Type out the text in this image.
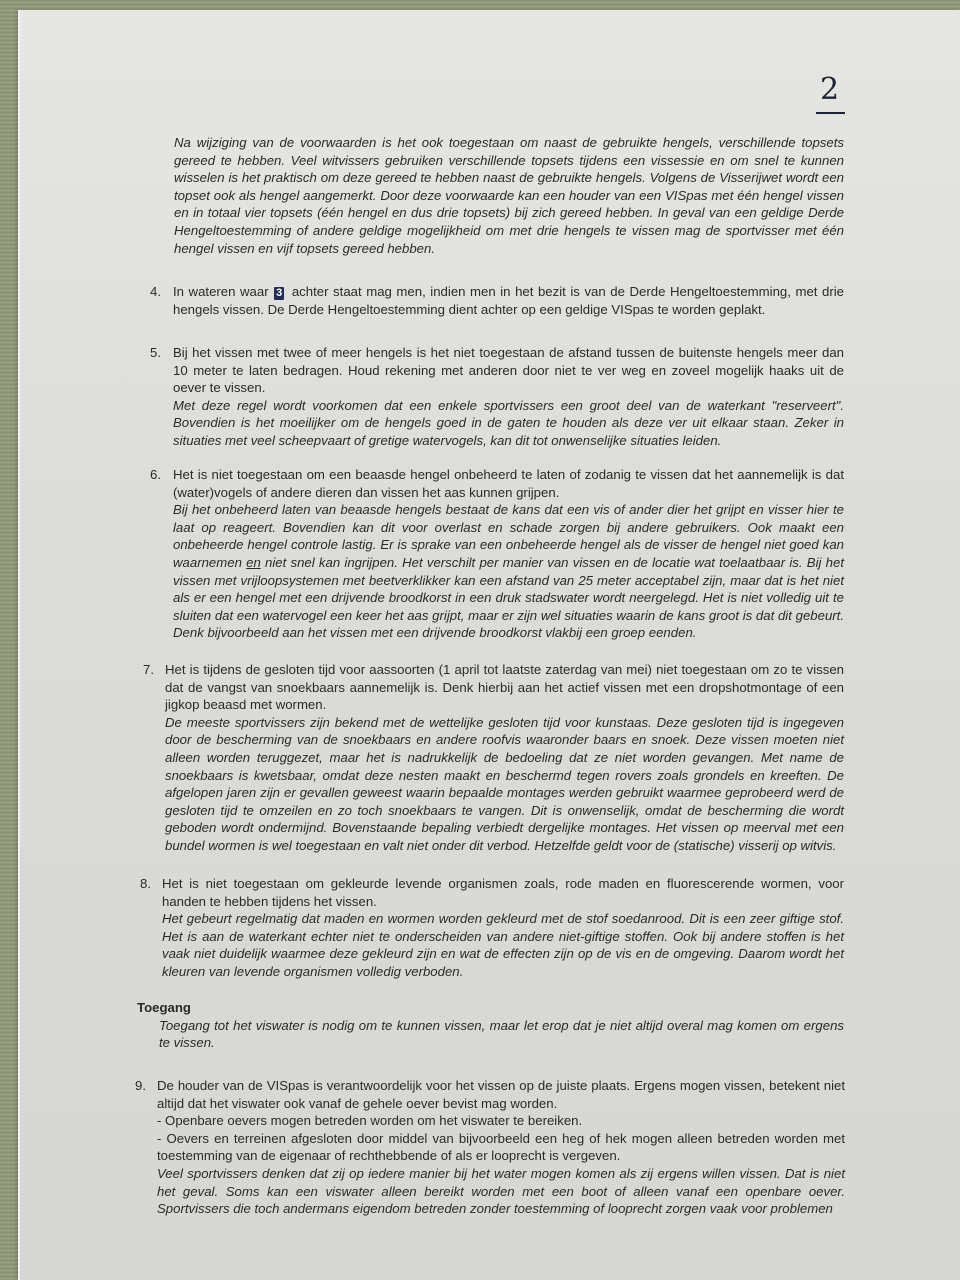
2

Na wijziging van de voorwaarden is het ook toegestaan om naast de gebruikte hengels, verschillende topsets gereed te hebben. Veel witvissers gebruiken verschillende topsets tijdens een vissessie en om snel te kunnen wisselen is het praktisch om deze gereed te hebben naast de gebruikte hengels. Volgens de Visserijwet wordt een topset ook als hengel aangemerkt. Door deze voorwaarde kan een houder van een VISpas met één hengel vissen en in totaal vier topsets (één hengel en dus drie topsets) bij zich gereed hebben. In geval van een geldige Derde Hengeltoestemming of andere geldige mogelijkheid om met drie hengels te vissen mag de sportvisser met één hengel vissen en vijf topsets gereed hebben.

4. In wateren waar 3 achter staat mag men, indien men in het bezit is van de Derde Hengeltoestemming, met drie hengels vissen. De Derde Hengeltoestemming dient achter op een geldige VISpas te worden geplakt.

5. Bij het vissen met twee of meer hengels is het niet toegestaan de afstand tussen de buitenste hengels meer dan 10 meter te laten bedragen. Houd rekening met anderen door niet te ver weg en zoveel mogelijk haaks uit de oever te vissen.

Met deze regel wordt voorkomen dat een enkele sportvissers een groot deel van de waterkant "reserveert". Bovendien is het moeilijker om de hengels goed in de gaten te houden als deze ver uit elkaar staan. Zeker in situaties met veel scheepvaart of gretige watervogels, kan dit tot onwenselijke situaties leiden.

6. Het is niet toegestaan om een beaasde hengel onbeheerd te laten of zodanig te vissen dat het aannemelijk is dat (water)vogels of andere dieren dan vissen het aas kunnen grijpen.

Bij het onbeheerd laten van beaasde hengels bestaat de kans dat een vis of ander dier het grijpt en visser hier te laat op reageert. Bovendien kan dit voor overlast en schade zorgen bij andere gebruikers. Ook maakt een onbeheerde hengel controle lastig. Er is sprake van een onbeheerde hengel als de visser de hengel niet goed kan waarnemen en niet snel kan ingrijpen. Het verschilt per manier van vissen en de locatie wat toelaatbaar is. Bij het vissen met vrijloopsystemen met beetverklikker kan een afstand van 25 meter acceptabel zijn, maar dat is het niet als er een hengel met een drijvende broodkorst in een druk stadswater wordt neergelegd. Het is niet volledig uit te sluiten dat een watervogel een keer het aas grijpt, maar er zijn wel situaties waarin de kans groot is dat dit gebeurt. Denk bijvoorbeeld aan het vissen met een drijvende broodkorst vlakbij een groep eenden.

7. Het is tijdens de gesloten tijd voor aassoorten (1 april tot laatste zaterdag van mei) niet toegestaan om zo te vissen dat de vangst van snoekbaars aannemelijk is. Denk hierbij aan het actief vissen met een dropshotmontage of een jigkop beaasd met wormen.

De meeste sportvissers zijn bekend met de wettelijke gesloten tijd voor kunstaas. Deze gesloten tijd is ingegeven door de bescherming van de snoekbaars en andere roofvis waaronder baars en snoek. Deze vissen moeten niet alleen worden teruggezet, maar het is nadrukkelijk de bedoeling dat ze niet worden gevangen. Met name de snoekbaars is kwetsbaar, omdat deze nesten maakt en beschermd tegen rovers zoals grondels en kreeften. De afgelopen jaren zijn er gevallen geweest waarin bepaalde montages werden gebruikt waarmee geprobeerd werd de gesloten tijd te omzeilen en zo toch snoekbaars te vangen. Dit is onwenselijk, omdat de bescherming die wordt geboden wordt ondermijnd. Bovenstaande bepaling verbiedt dergelijke montages. Het vissen op meerval met een bundel wormen is wel toegestaan en valt niet onder dit verbod. Hetzelfde geldt voor de (statische) visserij op witvis.

8. Het is niet toegestaan om gekleurde levende organismen zoals, rode maden en fluorescerende wormen, voor handen te hebben tijdens het vissen.

Het gebeurt regelmatig dat maden en wormen worden gekleurd met de stof soedanrood. Dit is een zeer giftige stof. Het is aan de waterkant echter niet te onderscheiden van andere niet-giftige stoffen. Ook bij andere stoffen is het vaak niet duidelijk waarmee deze gekleurd zijn en wat de effecten zijn op de vis en de omgeving. Daarom wordt het kleuren van levende organismen volledig verboden.

Toegang

Toegang tot het viswater is nodig om te kunnen vissen, maar let erop dat je niet altijd overal mag komen om ergens te vissen.

9. De houder van de VISpas is verantwoordelijk voor het vissen op de juiste plaats. Ergens mogen vissen, betekent niet altijd dat het viswater ook vanaf de gehele oever bevist mag worden.

- Openbare oevers mogen betreden worden om het viswater te bereiken.

- Oevers en terreinen afgesloten door middel van bijvoorbeeld een heg of hek mogen alleen betreden worden met toestemming van de eigenaar of rechthebbende of als er looprecht is vergeven.

Veel sportvissers denken dat zij op iedere manier bij het water mogen komen als zij ergens willen vissen. Dat is niet het geval. Soms kan een viswater alleen bereikt worden met een boot of alleen vanaf een openbare oever. Sportvissers die toch andermans eigendom betreden zonder toestemming of looprecht zorgen vaak voor problemen
